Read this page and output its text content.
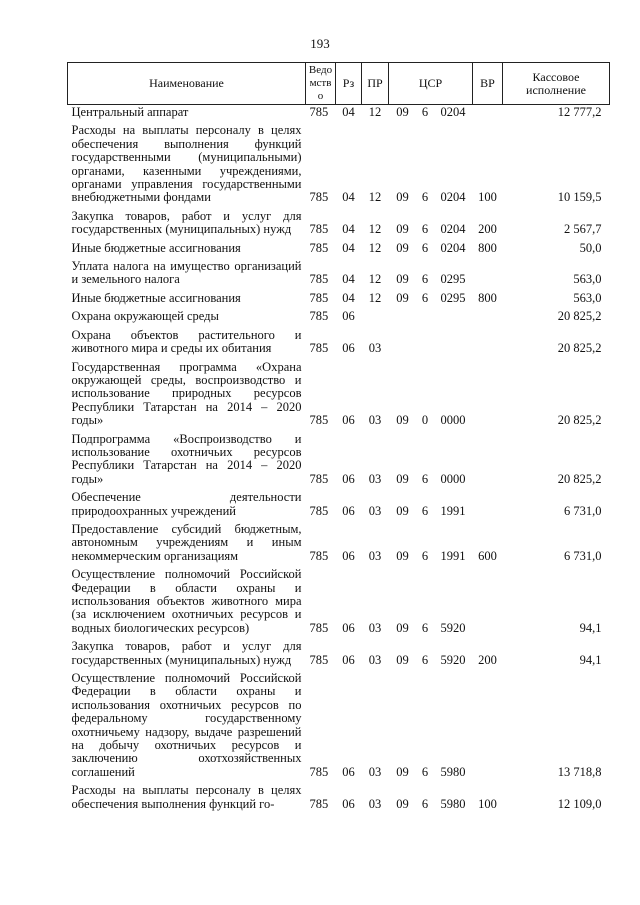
193
Наименование	Ведомство	Рз	ПР	ЦСР			ВР	Кассовое исполнение
Центральный аппарат	785	04	12	09	6	0204		12 777,2
Расходы на выплаты персоналу в целях обеспечения выполнения функций государственными (муниципальными) органами, казенными учреждениями, органами управления государственными внебюджетными фондами	785	04	12	09	6	0204	100	10 159,5
Закупка товаров, работ и услуг для государственных (муниципальных) нужд	785	04	12	09	6	0204	200	2 567,7
Иные бюджетные ассигнования	785	04	12	09	6	0204	800	50,0
Уплата налога на имущество организаций и земельного налога	785	04	12	09	6	0295		563,0
Иные бюджетные ассигнования	785	04	12	09	6	0295	800	563,0
Охрана окружающей среды	785	06						20 825,2
Охрана объектов растительного и животного мира и среды их обитания	785	06	03					20 825,2
Государственная программа «Охрана окружающей среды, воспроизводство и использование природных ресурсов Республики Татарстан на 2014 – 2020 годы»	785	06	03	09	0	0000		20 825,2
Подпрограмма «Воспроизводство и использование охотничьих ресурсов Республики Татарстан на 2014 – 2020 годы»	785	06	03	09	6	0000		20 825,2
Обеспечение деятельности природоохранных учреждений	785	06	03	09	6	1991		6 731,0
Предоставление субсидий бюджетным, автономным учреждениям и иным некоммерческим организациям	785	06	03	09	6	1991	600	6 731,0
Осуществление полномочий Российской Федерации в области охраны и использования объектов животного мира (за исключением охотничьих ресурсов и водных биологических ресурсов)	785	06	03	09	6	5920		94,1
Закупка товаров, работ и услуг для государственных (муниципальных) нужд	785	06	03	09	6	5920	200	94,1
Осуществление полномочий Российской Федерации в области охраны и использования охотничьих ресурсов по федеральному государственному охотничьему надзору, выдаче разрешений на добычу охотничьих ресурсов и заключению охотхозяйственных соглашений	785	06	03	09	6	5980		13 718,8
Расходы на выплаты персоналу в целях обеспечения выполнения функций го-	785	06	03	09	6	5980	100	12 109,0
